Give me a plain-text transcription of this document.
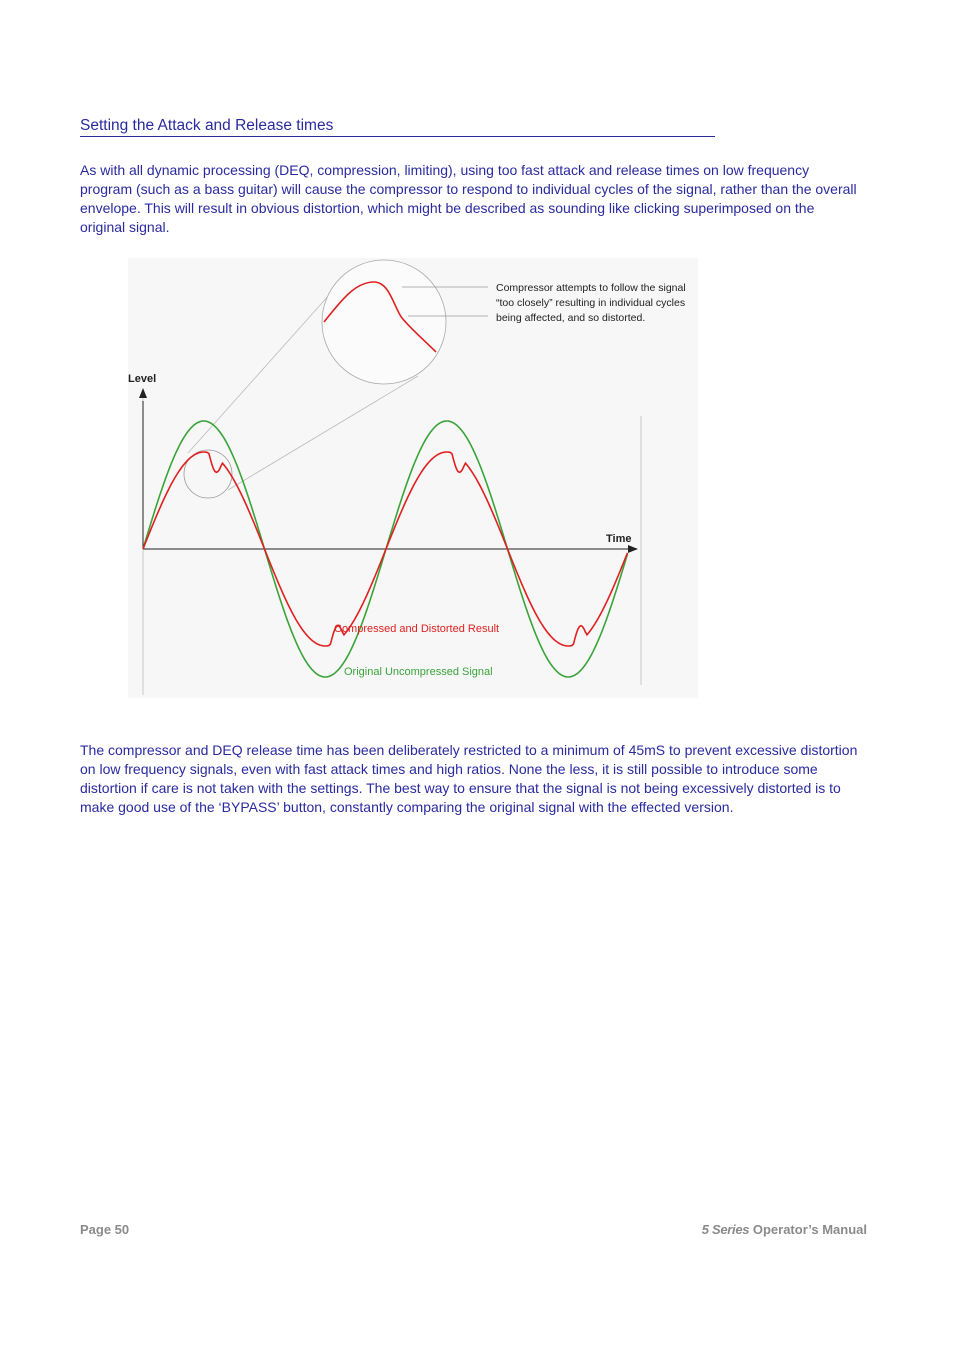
Setting the Attack and Release times

As with all dynamic processing (DEQ, compression, limiting), using too fast attack and release times on low frequency program (such as a bass guitar) will cause the compressor to respond to individual cycles of the signal, rather than the overall envelope. This will result in obvious distortion, which might be described as sounding like clicking superimposed on the original signal.

Level
Time
Compressor attempts to follow the signal
“too closely” resulting in individual cycles
being affected, and so distorted.
Compressed and Distorted Result
Original Uncompressed Signal

The compressor and DEQ release time has been deliberately restricted to a minimum of 45mS to prevent excessive distortion on low frequency signals, even with fast attack times and high ratios. None the less, it is still possible to introduce some distortion if care is not taken with the settings. The best way to ensure that the signal is not being excessively distorted is to make good use of the ‘BYPASS’ button, constantly comparing the original signal with the effected version.

Page 50	5 Series Operator’s Manual
